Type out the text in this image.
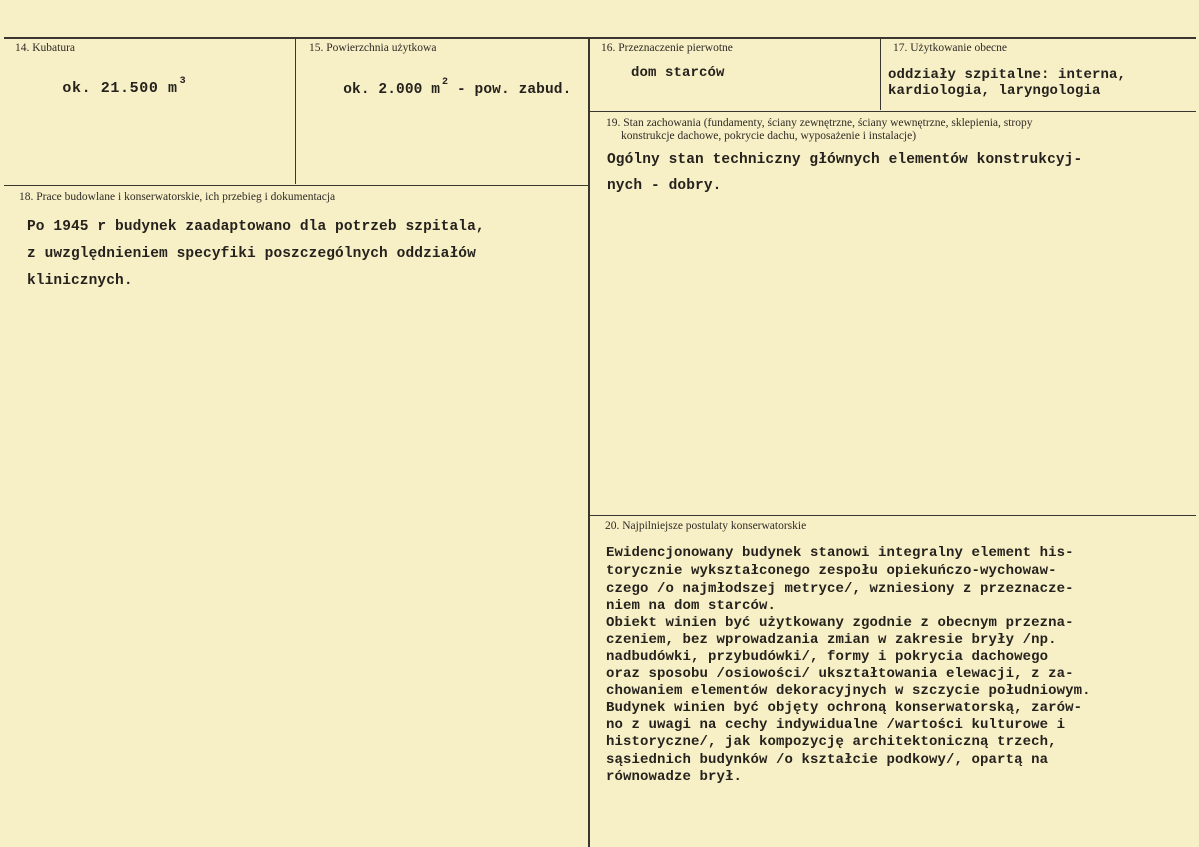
14. Kubatura

ok. 21.500 m $^3$

15. Powierzchnia użytkowa

ok. 2.000 m $^2$ - pow. zabud.

16. Przeznaczenie pierwotne
dom starców
17. Użytkowanie obecne
oddziały szpitalne: interna,
kardiologia, laryngologia
19. Stan zachowania (fundamenty, ściany zewnętrzne, ściany wewnętrzne, sklepienia, stropy
konstrukcje dachowe, pokrycie dachu, wyposażenie i instalacje)
Ogólny stan techniczny głównych elementów konstrukcyj-
nych - dobry.
18. Prace budowlane i konserwatorskie, ich przebieg i dokumentacja
Po 1945 r budynek zaadaptowano dla potrzeb szpitala,
z uwzględnieniem specyfiki poszczególnych oddziałów
klinicznych.
20. Najpilniejsze postulaty konserwatorskie
Ewidencjonowany budynek stanowi integralny element his-
torycznie wykształconego zespołu opiekuńczo-wychowaw-
czego /o najmłodszej metryce/, wzniesiony z przeznacze-
niem na dom starców.
Obiekt winien być użytkowany zgodnie z obecnym przezna-
czeniem, bez wprowadzania zmian w zakresie bryły /np.
nadbudówki, przybudówki/, formy i pokrycia dachowego
oraz sposobu /osiowości/ ukształtowania elewacji, z za-
chowaniem elementów dekoracyjnych w szczycie południowym.
Budynek winien być objęty ochroną konserwatorską, zarów-
no z uwagi na cechy indywidualne /wartości kulturowe i
historyczne/, jak kompozycję architektoniczną trzech,
sąsiednich budynków /o kształcie podkowy/, opartą na
równowadze brył.
